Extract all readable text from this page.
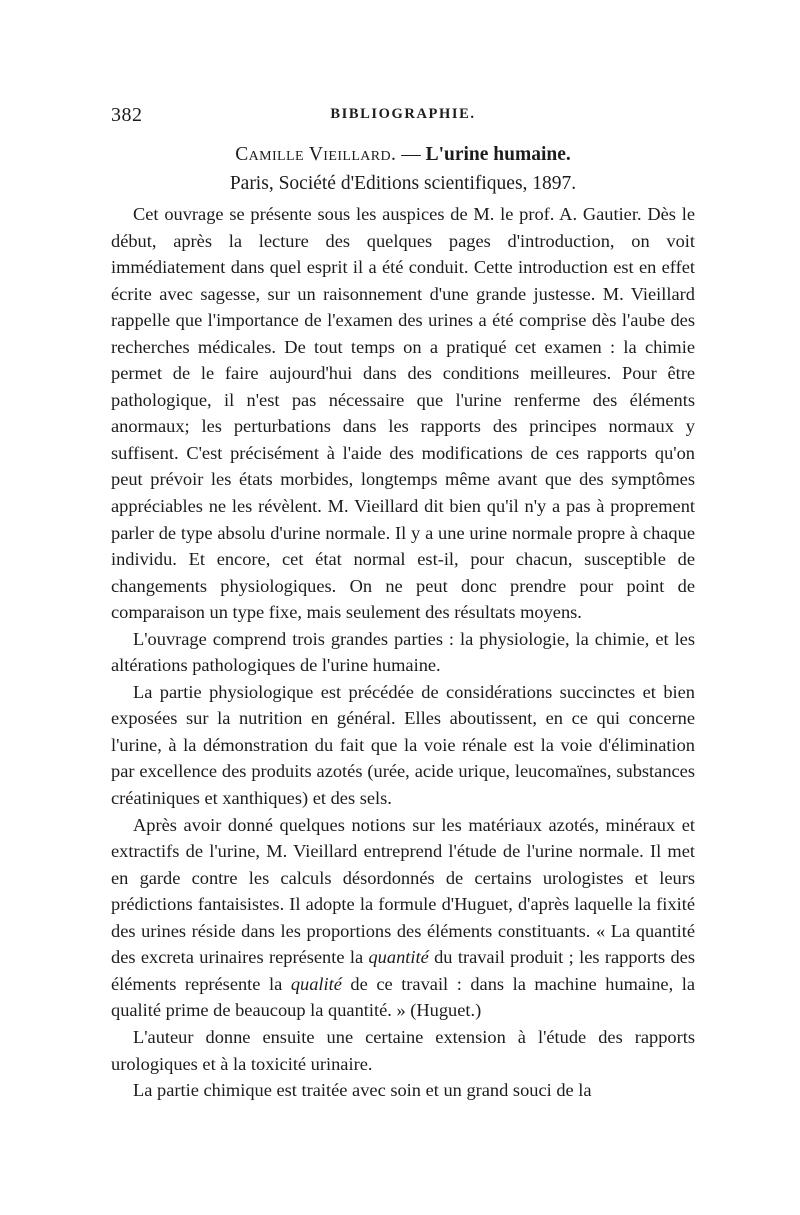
382	BIBLIOGRAPHIE.
Camille Vieillard. — L'urine humaine.
Paris, Société d'Editions scientifiques, 1897.

Cet ouvrage se présente sous les auspices de M. le prof. A. Gautier. Dès le début, après la lecture des quelques pages d'introduction, on voit immédiatement dans quel esprit il a été conduit. Cette introduction est en effet écrite avec sagesse, sur un raisonnement d'une grande justesse. M. Vieillard rappelle que l'importance de l'examen des urines a été comprise dès l'aube des recherches médicales. De tout temps on a pratiqué cet examen : la chimie permet de le faire aujourd'hui dans des conditions meilleures. Pour être pathologique, il n'est pas nécessaire que l'urine renferme des éléments anormaux; les perturbations dans les rapports des principes normaux y suffisent. C'est précisément à l'aide des modifications de ces rapports qu'on peut prévoir les états morbides, longtemps même avant que des symptômes appréciables ne les révèlent. M. Vieillard dit bien qu'il n'y a pas à proprement parler de type absolu d'urine normale. Il y a une urine normale propre à chaque individu. Et encore, cet état normal est-il, pour chacun, susceptible de changements physiologiques. On ne peut donc prendre pour point de comparaison un type fixe, mais seulement des résultats moyens.

L'ouvrage comprend trois grandes parties : la physiologie, la chimie, et les altérations pathologiques de l'urine humaine.

La partie physiologique est précédée de considérations succinctes et bien exposées sur la nutrition en général. Elles aboutissent, en ce qui concerne l'urine, à la démonstration du fait que la voie rénale est la voie d'élimination par excellence des produits azotés (urée, acide urique, leucomaïnes, substances créatiniques et xanthiques) et des sels.

Après avoir donné quelques notions sur les matériaux azotés, minéraux et extractifs de l'urine, M. Vieillard entreprend l'étude de l'urine normale. Il met en garde contre les calculs désordonnés de certains urologistes et leurs prédictions fantaisistes. Il adopte la formule d'Huguet, d'après laquelle la fixité des urines réside dans les proportions des éléments constituants. « La quantité des excreta urinaires représente la quantité du travail produit ; les rapports des éléments représente la qualité de ce travail : dans la machine humaine, la qualité prime de beaucoup la quantité. » (Huguet.)

L'auteur donne ensuite une certaine extension à l'étude des rapports urologiques et à la toxicité urinaire.

La partie chimique est traitée avec soin et un grand souci de la
